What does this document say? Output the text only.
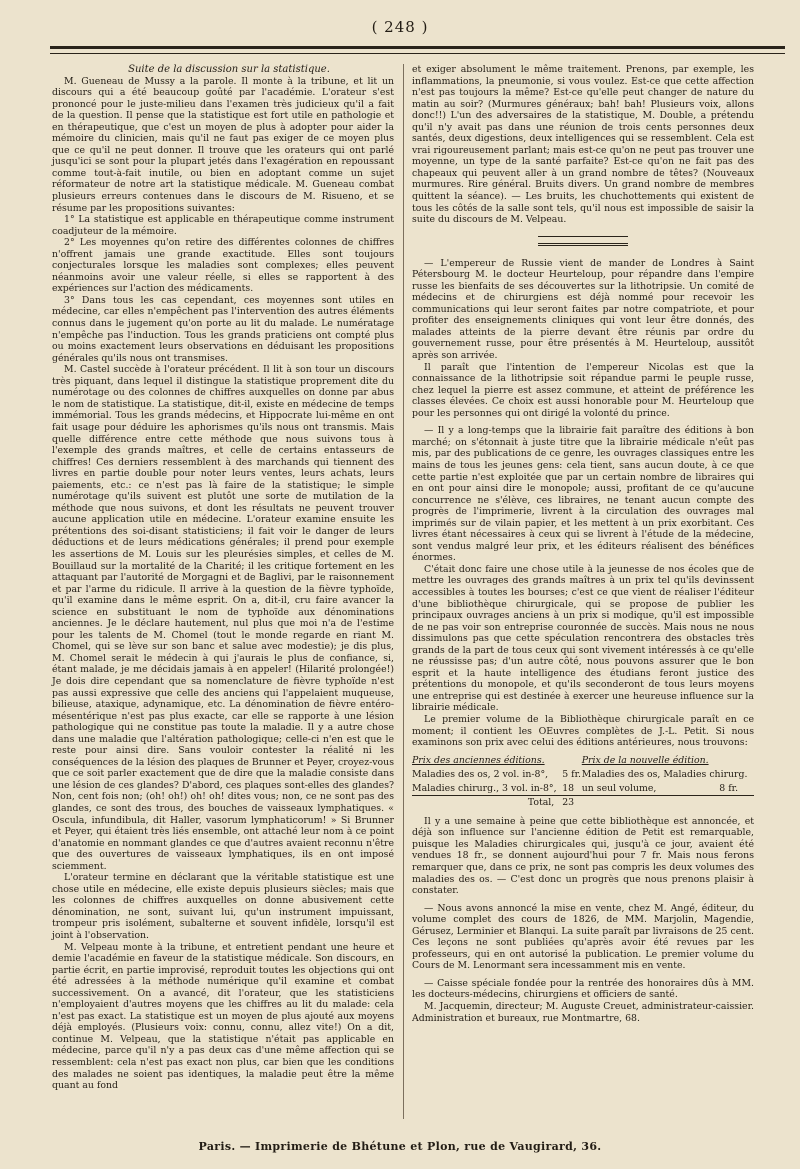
( 248 )

Suite de la discussion sur la statistique.

M. Gueneau de Mussy a la parole. Il monte à la tribune, et lit un discours qui a été beaucoup goûté par l'académie. L'orateur s'est prononcé pour le juste-milieu dans l'examen très judicieux qu'il a fait de la question. Il pense que la statistique est fort utile en pathologie et en thérapeutique, que c'est un moyen de plus à adopter pour aider la mémoire du clinicien, mais qu'il ne faut pas exiger de ce moyen plus que ce qu'il ne peut donner. Il trouve que les orateurs qui ont parlé jusqu'ici se sont pour la plupart jetés dans l'exagération en repoussant comme tout-à-fait inutile, ou bien en adoptant comme un sujet réformateur de notre art la statistique médicale. M. Gueneau combat plusieurs erreurs contenues dans le discours de M. Risueno, et se résume par les propositions suivantes:

1° La statistique est applicable en thérapeutique comme instrument coadjuteur de la mémoire.

2° Les moyennes qu'on retire des différentes colonnes de chiffres n'offrent jamais une grande exactitude. Elles sont toujours conjecturales lorsque les maladies sont complexes; elles peuvent néanmoins avoir une valeur réelle, si elles se rapportent à des expériences sur l'action des médicaments.

3° Dans tous les cas cependant, ces moyennes sont utiles en médecine, car elles n'empêchent pas l'intervention des autres éléments connus dans le jugement qu'on porte au lit du malade. Le numératage n'empêche pas l'induction. Tous les grands praticiens ont compté plus ou moins exactement leurs observations en déduisant les propositions générales qu'ils nous ont transmises.

M. Castel succède à l'orateur précédent. Il lit à son tour un discours très piquant, dans lequel il distingue la statistique proprement dite du numérotage ou des colonnes de chiffres auxquelles on donne par abus le nom de statistique. La statistique, dit-il, existe en médecine de temps immémorial. Tous les grands médecins, et Hippocrate lui-même en ont fait usage pour déduire les aphorismes qu'ils nous ont transmis. Mais quelle différence entre cette méthode que nous suivons tous à l'exemple des grands maîtres, et celle de certains entasseurs de chiffres! Ces derniers ressemblent à des marchands qui tiennent des livres en partie double pour noter leurs ventes, leurs achats, leurs paiements, etc.: ce n'est pas là faire de la statistique; le simple numérotage qu'ils suivent est plutôt une sorte de mutilation de la méthode que nous suivons, et dont les résultats ne peuvent trouver aucune application utile en médecine. L'orateur examine ensuite les prétentions des soi-disant statisticiens; il fait voir le danger de leurs déductions et de leurs médications générales; il prend pour exemple les assertions de M. Louis sur les pleurésies simples, et celles de M. Bouillaud sur la mortalité de la Charité; il les critique fortement en les attaquant par l'autorité de Morgagni et de Baglivi, par le raisonnement et par l'arme du ridicule. Il arrive à la question de la fièvre typhoïde, qu'il examine dans le même esprit. On a, dit-il, cru faire avancer la science en substituant le nom de typhoïde aux dénominations anciennes. Je le déclare hautement, nul plus que moi n'a de l'estime pour les talents de M. Chomel (tout le monde regarde en riant M. Chomel, qui se lève sur son banc et salue avec modestie); je dis plus, M. Chomel serait le médecin à qui j'aurais le plus de confiance, si, étant malade, je me décidais jamais à en appeler! (Hilarité prolongée!) Je dois dire cependant que sa nomenclature de fièvre typhoïde n'est pas aussi expressive que celle des anciens qui l'appelaient muqueuse, bilieuse, ataxique, adynamique, etc. La dénomination de fièvre entéro-mésentérique n'est pas plus exacte, car elle se rapporte à une lésion pathologique qui ne constitue pas toute la maladie. Il y a autre chose dans une maladie que l'altération pathologique; celle-ci n'en est que le reste pour ainsi dire. Sans vouloir contester la réalité ni les conséquences de la lésion des plaques de Brunner et Peyer, croyez-vous que ce soit parler exactement que de dire que la maladie consiste dans une lésion de ces glandes? D'abord, ces plaques sont-elles des glandes? Non, cent fois non; (oh! oh!) oh! oh! dites vous; non, ce ne sont pas des glandes, ce sont des trous, des bouches de vaisseaux lymphatiques. « Oscula, infundibula, dit Haller, vasorum lymphaticorum! » Si Brunner et Peyer, qui étaient très liés ensemble, ont attaché leur nom à ce point d'anatomie en nommant glandes ce que d'autres avaient reconnu n'être que des ouvertures de vaisseaux lymphatiques, ils en ont imposé sciemment.

L'orateur termine en déclarant que la véritable statistique est une chose utile en médecine, elle existe depuis plusieurs siècles; mais que les colonnes de chiffres auxquelles on donne abusivement cette dénomination, ne sont, suivant lui, qu'un instrument impuissant, trompeur pris isolément, subalterne et souvent infidèle, lorsqu'il est joint à l'observation.

M. Velpeau monte à la tribune, et entretient pendant une heure et demie l'académie en faveur de la statistique médicale. Son discours, en partie écrit, en partie improvisé, reproduit toutes les objections qui ont été adressées à la méthode numérique qu'il examine et combat successivement. On a avancé, dit l'orateur, que les statisticiens n'employaient d'autres moyens que les chiffres au lit du malade: cela n'est pas exact. La statistique est un moyen de plus ajouté aux moyens déjà employés. (Plusieurs voix: connu, connu, allez vite!) On a dit, continue M. Velpeau, que la statistique n'était pas applicable en médecine, parce qu'il n'y a pas deux cas d'une même affection qui se ressemblent: cela n'est pas exact non plus, car bien que les conditions des malades ne soient pas identiques, la maladie peut être la même quant au fond

et exiger absolument le même traitement. Prenons, par exemple, les inflammations, la pneumonie, si vous voulez. Est-ce que cette affection n'est pas toujours la même? Est-ce qu'elle peut changer de nature du matin au soir? (Murmures généraux; bah! bah! Plusieurs voix, allons donc!!) L'un des adversaires de la statistique, M. Double, a prétendu qu'il n'y avait pas dans une réunion de trois cents personnes deux santés, deux digestions, deux intelligences qui se ressemblent. Cela est vrai rigoureusement parlant; mais est-ce qu'on ne peut pas trouver une moyenne, un type de la santé parfaite? Est-ce qu'on ne fait pas des chapeaux qui peuvent aller à un grand nombre de têtes? (Nouveaux murmures. Rire général. Bruits divers. Un grand nombre de membres quittent la séance). — Les bruits, les chuchottements qui existent de tous les côtés de la salle sont tels, qu'il nous est impossible de saisir la suite du discours de M. Velpeau.

— L'empereur de Russie vient de mander de Londres à Saint Pétersbourg M. le docteur Heurteloup, pour répandre dans l'empire russe les bienfaits de ses découvertes sur la lithotripsie. Un comité de médecins et de chirurgiens est déjà nommé pour recevoir les communications qui leur seront faites par notre compatriote, et pour profiter des enseignements cliniques qui vont leur être donnés, des malades atteints de la pierre devant être réunis par ordre du gouvernement russe, pour être présentés à M. Heurteloup, aussitôt après son arrivée.

Il paraît que l'intention de l'empereur Nicolas est que la connaissance de la lithotripsie soit répandue parmi le peuple russe, chez lequel la pierre est assez commune, et atteint de préférence les classes élevées. Ce choix est aussi honorable pour M. Heurteloup que pour les personnes qui ont dirigé la volonté du prince.

— Il y a long-temps que la librairie fait paraître des éditions à bon marché; on s'étonnait à juste titre que la librairie médicale n'eût pas mis, par des publications de ce genre, les ouvrages classiques entre les mains de tous les jeunes gens: cela tient, sans aucun doute, à ce que cette partie n'est exploitée que par un certain nombre de libraires qui en ont pour ainsi dire le monopole; aussi, profitant de ce qu'aucune concurrence ne s'élève, ces libraires, ne tenant aucun compte des progrès de l'imprimerie, livrent à la circulation des ouvrages mal imprimés sur de vilain papier, et les mettent à un prix exorbitant. Ces livres étant nécessaires à ceux qui se livrent à l'étude de la médecine, sont vendus malgré leur prix, et les éditeurs réalisent des bénéfices énormes.

C'était donc faire une chose utile à la jeunesse de nos écoles que de mettre les ouvrages des grands maîtres à un prix tel qu'ils devinssent accessibles à toutes les bourses; c'est ce que vient de réaliser l'éditeur d'une bibliothèque chirurgicale, qui se propose de publier les principaux ouvrages anciens à un prix si modique, qu'il est impossible de ne pas voir son entreprise couronnée de succès. Mais nous ne nous dissimulons pas que cette spéculation rencontrera des obstacles très grands de la part de tous ceux qui sont vivement intéressés à ce qu'elle ne réussisse pas; d'un autre côté, nous pouvons assurer que le bon esprit et la haute intelligence des étudians feront justice des prétentions du monopole, et qu'ils seconderont de tous leurs moyens une entreprise qui est destinée à exercer une heureuse influence sur la librairie médicale.

Le premier volume de la Bibliothèque chirurgicale paraît en ce moment; il contient les OEuvres complètes de J.-L. Petit. Si nous examinons son prix avec celui des éditions antérieures, nous trouvons:

Prix des anciennes éditions.		Prix de la nouvelle édition.	
Maladies des os, 2 vol. in-8°,	5 fr.	Maladies des os, Maladies chirurg.	
Maladies chirurg., 3 vol. in-8°,	18	un seul volume,	8 fr.
Total,	23		

Il y a une semaine à peine que cette bibliothèque est annoncée, et déjà son influence sur l'ancienne édition de Petit est remarquable, puisque les Maladies chirurgicales qui, jusqu'à ce jour, avaient été vendues 18 fr., se donnent aujourd'hui pour 7 fr. Mais nous ferons remarquer que, dans ce prix, ne sont pas compris les deux volumes des maladies des os. — C'est donc un progrès que nous prenons plaisir à constater.

— Nous avons annoncé la mise en vente, chez M. Angé, éditeur, du volume complet des cours de 1826, de MM. Marjolin, Magendie, Gérusez, Lerminier et Blanqui. La suite paraît par livraisons de 25 cent. Ces leçons ne sont publiées qu'après avoir été revues par les professeurs, qui en ont autorisé la publication. Le premier volume du Cours de M. Lenormant sera incessamment mis en vente.

— Caisse spéciale fondée pour la rentrée des honoraires dûs à MM. les docteurs-médecins, chirurgiens et officiers de santé.

M. Jacquemin, directeur; M. Auguste Creuet, administrateur-caissier. Administration et bureaux, rue Montmartre, 68.

Paris. — Imprimerie de Bhétune et Plon, rue de Vaugirard, 36.
